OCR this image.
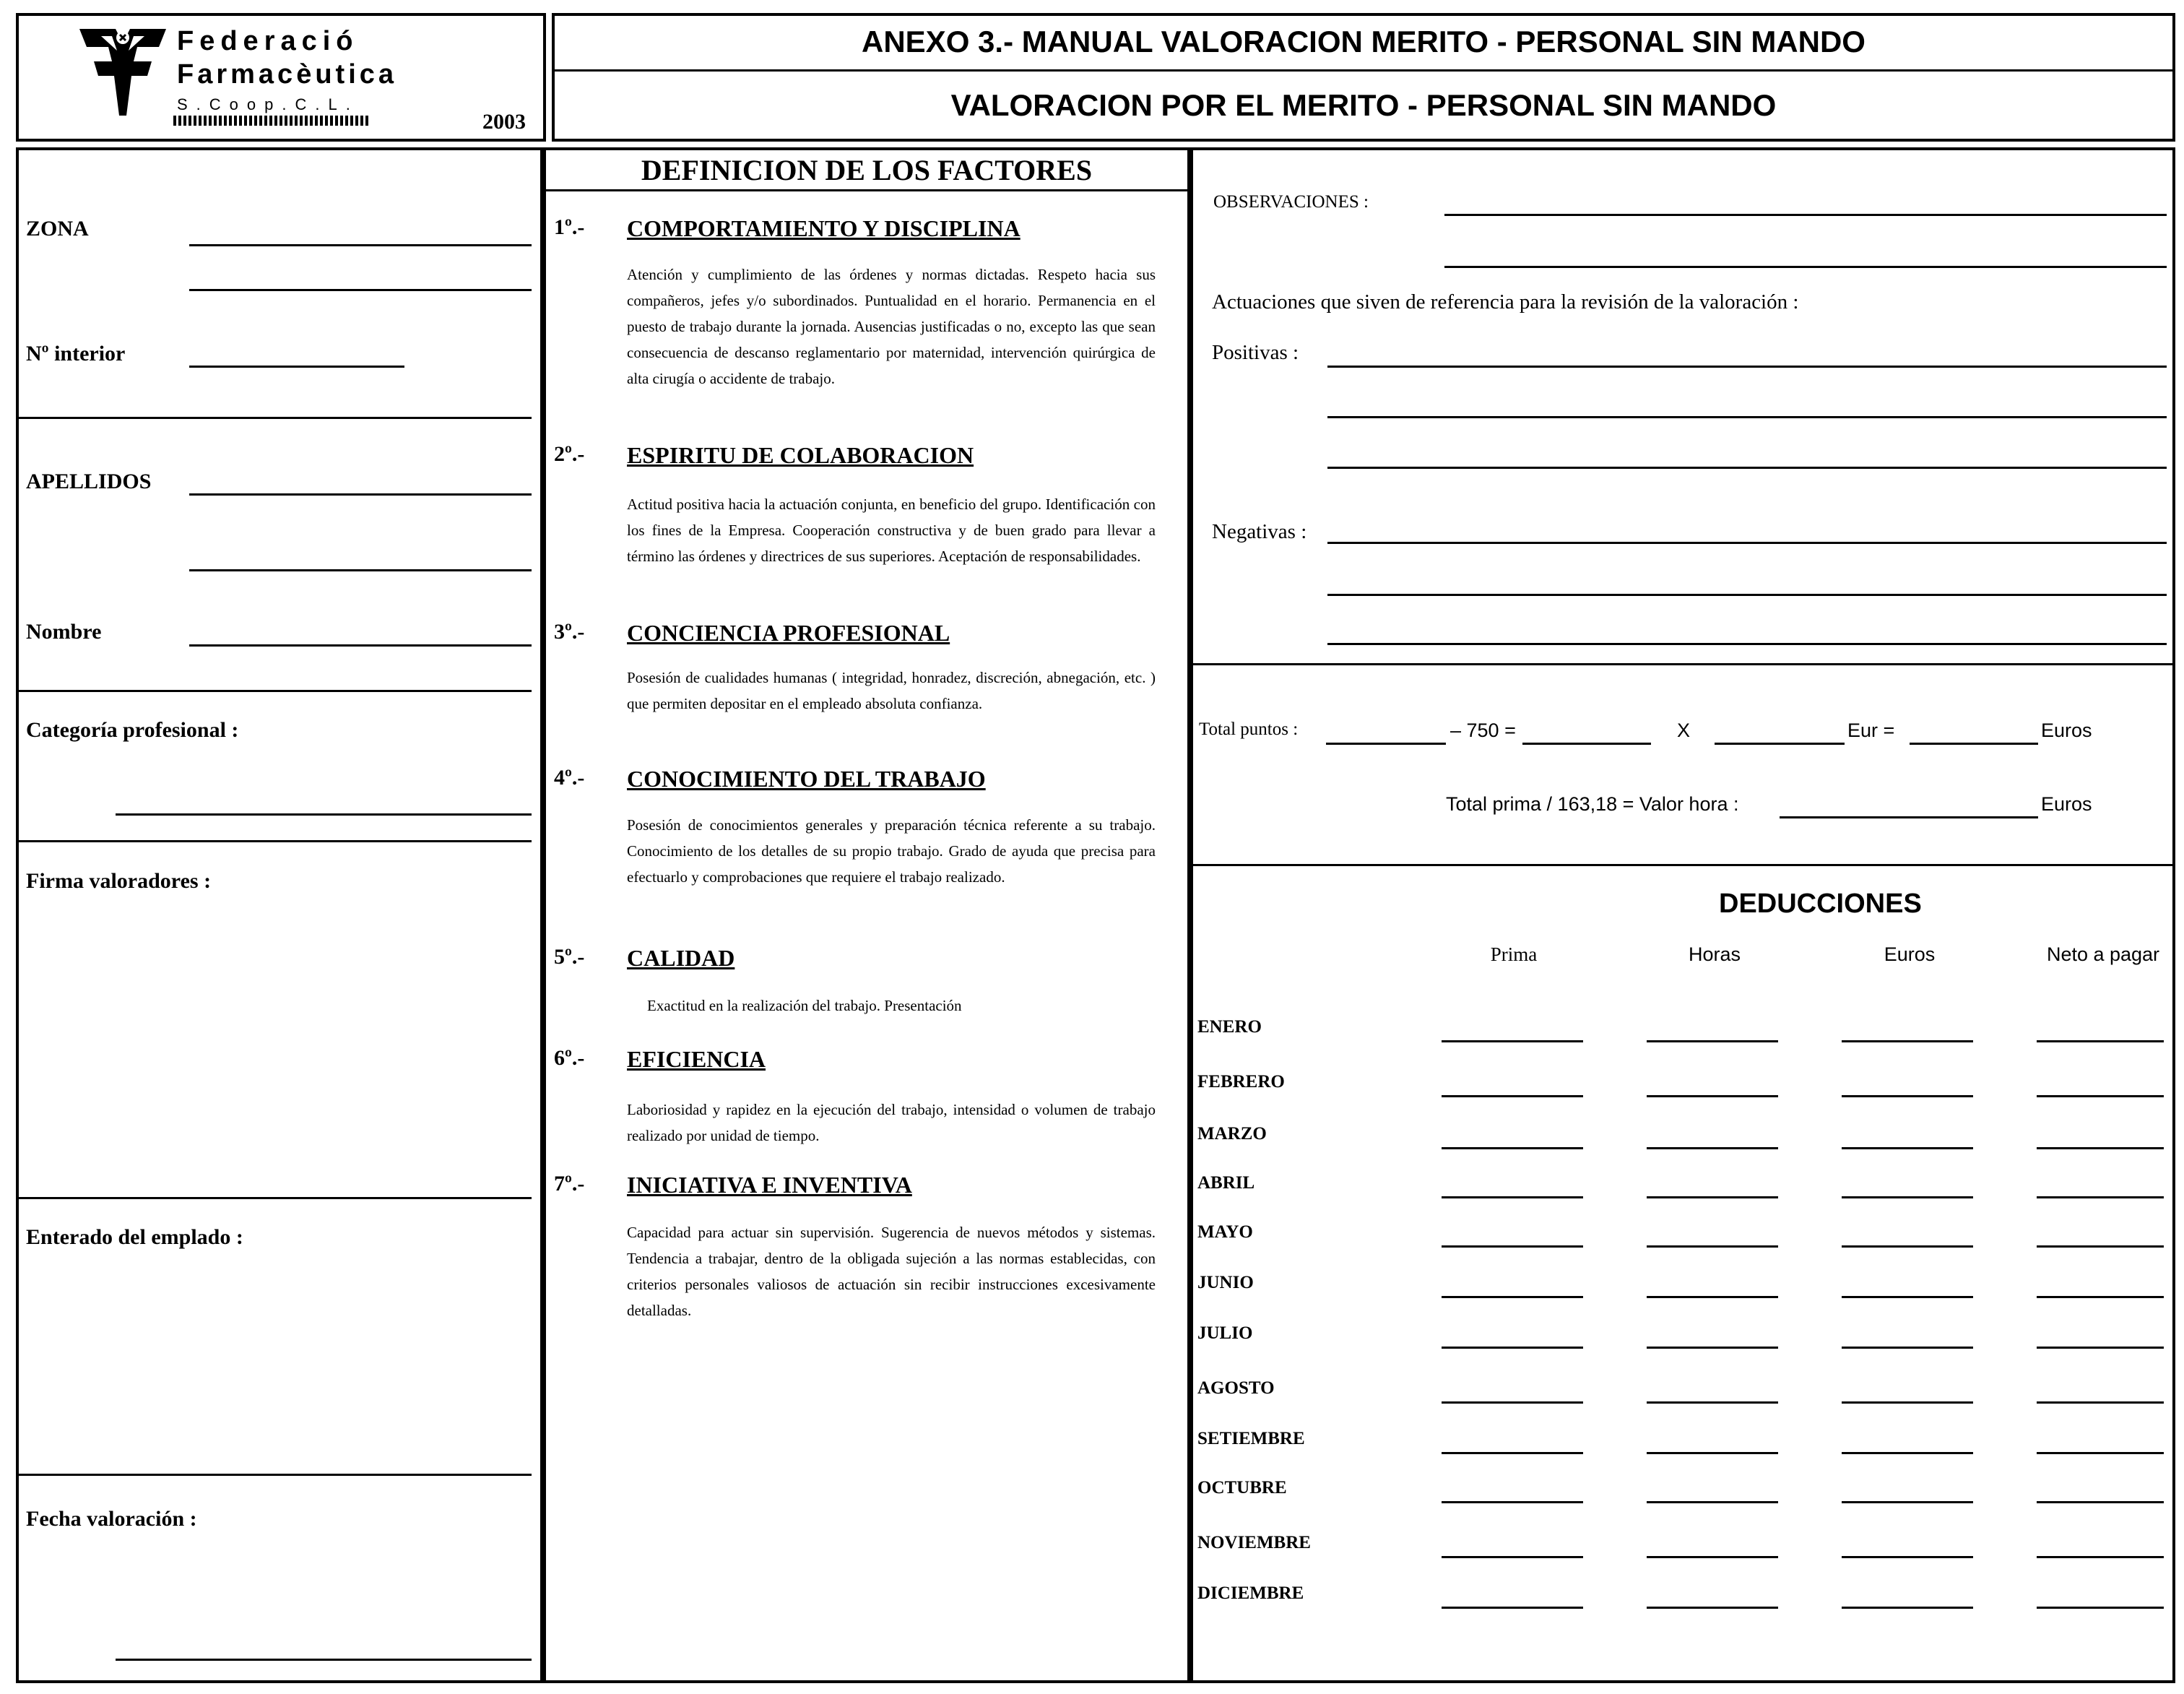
Federació
Farmacèutica
S.Coop.C.L.
2003
ANEXO 3.- MANUAL VALORACION MERITO - PERSONAL SIN MANDO
VALORACION POR EL MERITO - PERSONAL SIN MANDO
ZONA
Nº interior
APELLIDOS
Nombre
Categoría profesional :
Firma valoradores :
Enterado del emplado :
Fecha valoración :
DEFINICION DE LOS FACTORES
1º.- COMPORTAMIENTO Y DISCIPLINA
Atención y cumplimiento de las órdenes y normas dictadas. Respeto hacia sus compañeros, jefes y/o subordinados. Puntualidad en el horario. Permanencia en el puesto de trabajo durante la jornada. Ausencias justificadas o no, excepto las que sean consecuencia de descanso reglamentario por maternidad, intervención quirúrgica de alta cirugía o accidente de trabajo.
2º.- ESPIRITU DE COLABORACION
Actitud positiva hacia la actuación conjunta, en beneficio del grupo. Identificación con los fines de la Empresa. Cooperación constructiva y de buen grado para llevar a término las órdenes y directrices de sus superiores. Aceptación de responsabilidades.
3º.- CONCIENCIA PROFESIONAL
Posesión de cualidades humanas ( integridad, honradez, discreción, abnegación, etc. ) que permiten depositar en el empleado absoluta confianza.
4º.- CONOCIMIENTO DEL TRABAJO
Posesión de conocimientos generales y preparación técnica referente a su trabajo. Conocimiento de los detalles de su propio trabajo. Grado de ayuda que precisa para efectuarlo y comprobaciones que requiere el trabajo realizado.
5º.- CALIDAD
Exactitud en la realización del trabajo. Presentación
6º.- EFICIENCIA
Laboriosidad y rapidez en la ejecución del trabajo, intensidad o volumen de trabajo realizado por unidad de tiempo.
7º.- INICIATIVA E INVENTIVA
Capacidad para actuar sin supervisión. Sugerencia de nuevos métodos y sistemas. Tendencia a trabajar, dentro de la obligada sujeción a las normas establecidas, con criterios personales valiosos de actuación sin recibir instrucciones excesivamente detalladas.
OBSERVACIONES :
Actuaciones que siven de referencia para la revisión de la valoración :
Positivas :
Negativas :
Total puntos :	– 750 =	X	Eur =	Euros
Total prima / 163,18 = Valor hora :	Euros
DEDUCCIONES
Prima	Horas	Euros	Neto a pagar
ENERO
FEBRERO
MARZO
ABRIL
MAYO
JUNIO
JULIO
AGOSTO
SETIEMBRE
OCTUBRE
NOVIEMBRE
DICIEMBRE
